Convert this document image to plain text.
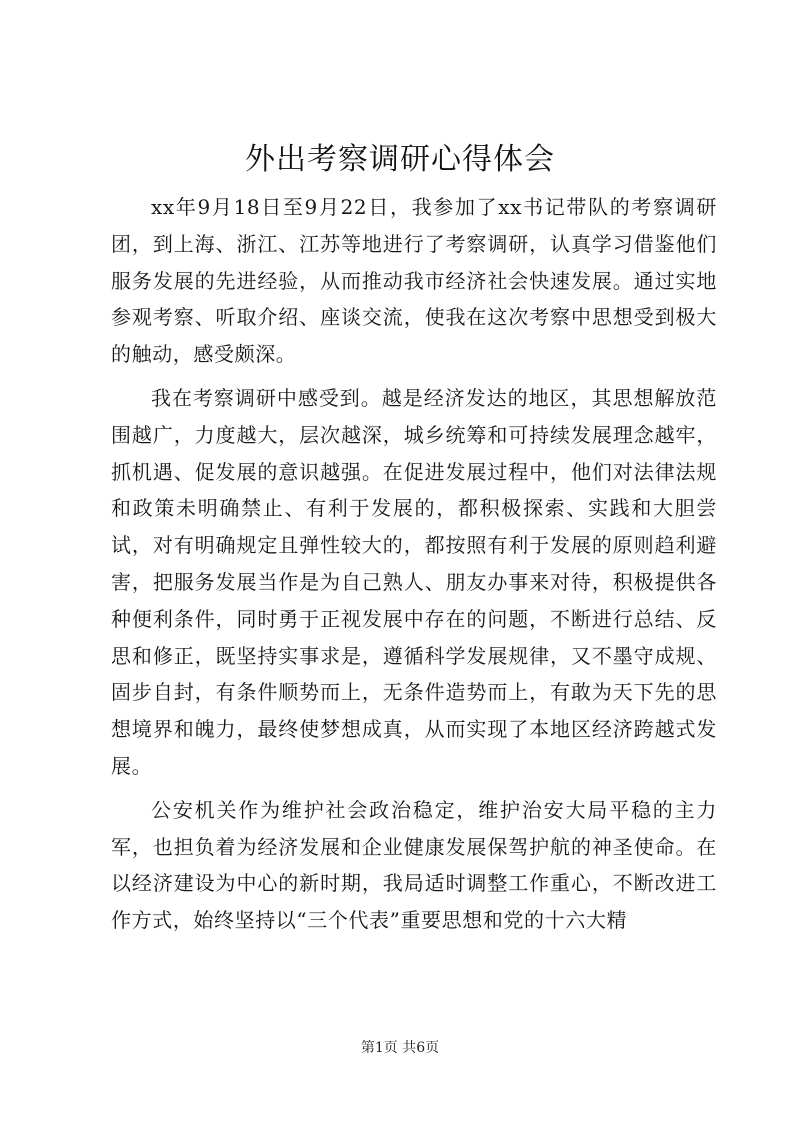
外出考察调研心得体会

xx年9月18日至9月22日，我参加了xx书记带队的考察调研团，到上海、浙江、江苏等地进行了考察调研，认真学习借鉴他们服务发展的先进经验，从而推动我市经济社会快速发展。通过实地参观考察、听取介绍、座谈交流，使我在这次考察中思想受到极大的触动，感受颇深。

我在考察调研中感受到。越是经济发达的地区，其思想解放范围越广，力度越大，层次越深，城乡统筹和可持续发展理念越牢，抓机遇、促发展的意识越强。在促进发展过程中，他们对法律法规和政策未明确禁止、有利于发展的，都积极探索、实践和大胆尝试，对有明确规定且弹性较大的，都按照有利于发展的原则趋利避害，把服务发展当作是为自己熟人、朋友办事来对待，积极提供各种便利条件，同时勇于正视发展中存在的问题，不断进行总结、反思和修正，既坚持实事求是，遵循科学发展规律，又不墨守成规、固步自封，有条件顺势而上，无条件造势而上，有敢为天下先的思想境界和魄力，最终使梦想成真，从而实现了本地区经济跨越式发展。

公安机关作为维护社会政治稳定，维护治安大局平稳的主力军，也担负着为经济发展和企业健康发展保驾护航的神圣使命。在以经济建设为中心的新时期，我局适时调整工作重心，不断改进工作方式，始终坚持以“三个代表”重要思想和党的十六大精

第1页 共6页
